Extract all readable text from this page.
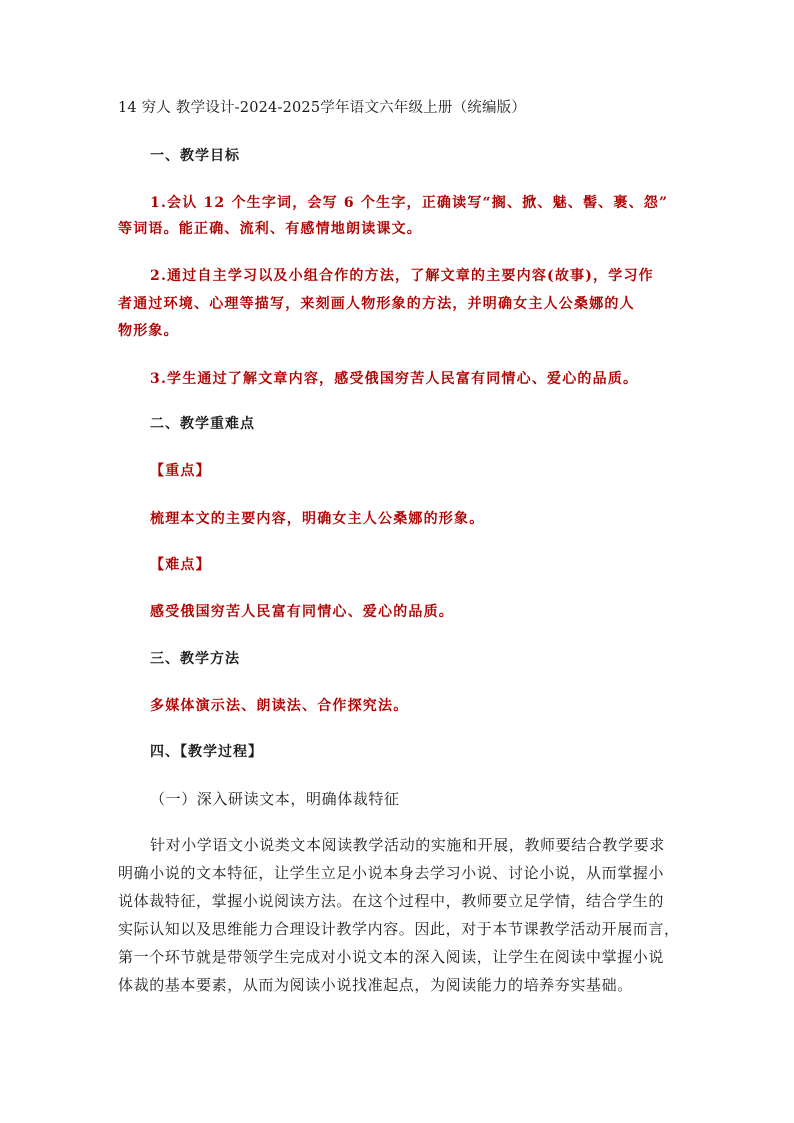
14 穷人 教学设计-2024-2025学年语文六年级上册（统编版）
一、教学目标
1.会认 12 个生字词，会写 6 个生字，正确读写“搁、掀、魅、髻、裹、怨”
等词语。能正确、流利、有感情地朗读课文。
2.通过自主学习以及小组合作的方法，了解文章的主要内容(故事)，学习作
者通过环境、心理等描写，来刻画人物形象的方法，并明确女主人公桑娜的人
物形象。
3.学生通过了解文章内容，感受俄国穷苦人民富有同情心、爱心的品质。
二、教学重难点
【重点】
梳理本文的主要内容，明确女主人公桑娜的形象。
【难点】
感受俄国穷苦人民富有同情心、爱心的品质。
三、教学方法
多媒体演示法、朗读法、合作探究法。
四、【教学过程】
（一）深入研读文本，明确体裁特征
针对小学语文小说类文本阅读教学活动的实施和开展，教师要结合教学要求
明确小说的文本特征，让学生立足小说本身去学习小说、讨论小说，从而掌握小
说体裁特征，掌握小说阅读方法。在这个过程中，教师要立足学情，结合学生的
实际认知以及思维能力合理设计教学内容。因此，对于本节课教学活动开展而言，
第一个环节就是带领学生完成对小说文本的深入阅读，让学生在阅读中掌握小说
体裁的基本要素，从而为阅读小说找准起点，为阅读能力的培养夯实基础。
